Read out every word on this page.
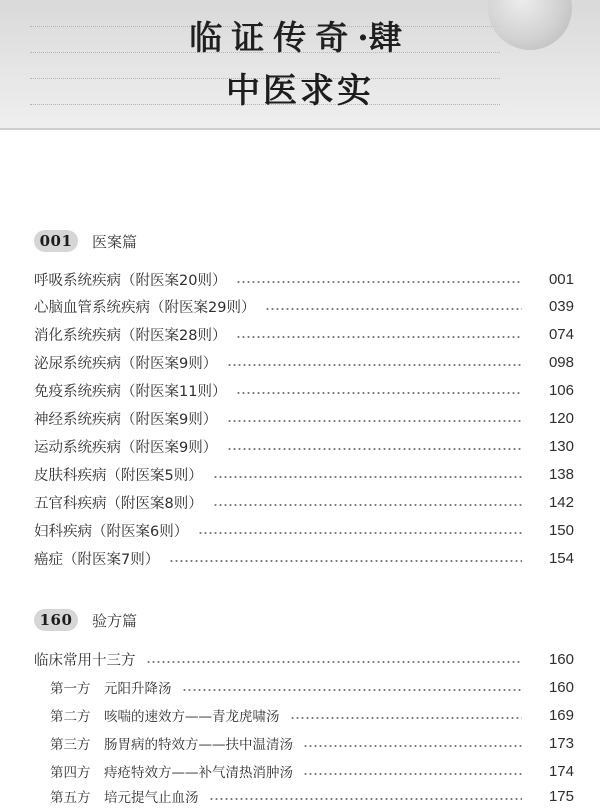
临证传奇·肆
中医求实
001	医案篇
呼吸系统疾病（附医案20则）	001
心脑血管系统疾病（附医案29则）	039
消化系统疾病（附医案28则）	074
泌尿系统疾病（附医案9则）	098
免疫系统疾病（附医案11则）	106
神经系统疾病（附医案9则）	120
运动系统疾病（附医案9则）	130
皮肤科疾病（附医案5则）	138
五官科疾病（附医案8则）	142
妇科疾病（附医案6则）	150
癌症（附医案7则）	154
160	验方篇
临床常用十三方	160
第一方　元阳升降汤	160
第二方　咳喘的速效方——青龙虎啸汤	169
第三方　肠胃病的特效方——扶中温清汤	173
第四方　痔疮特效方——补气清热消肿汤	174
第五方　培元提气止血汤	175
